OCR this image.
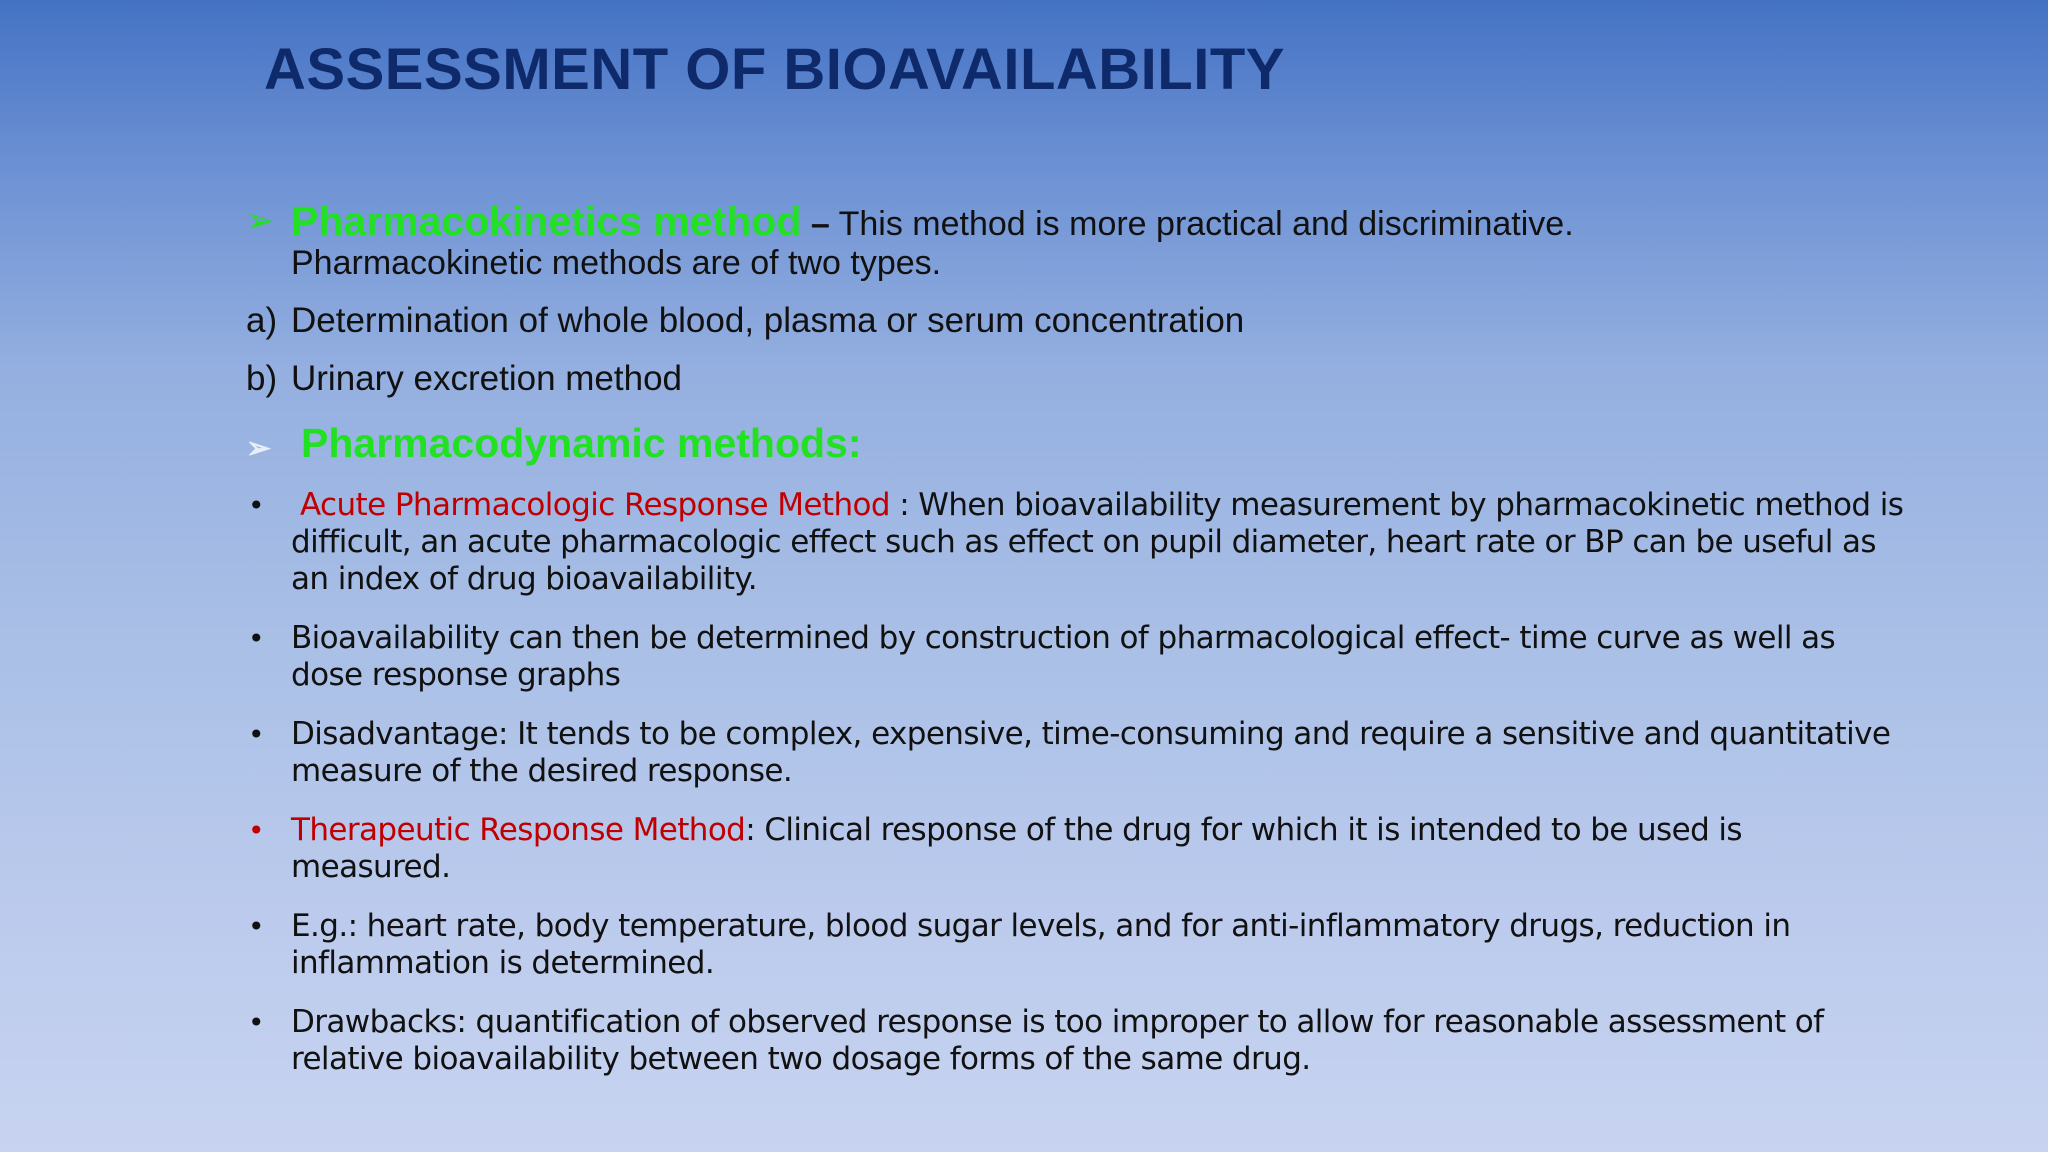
ASSESSMENT OF BIOAVAILABILITY
➢ Pharmacokinetics method – This method is more practical and discriminative.
Pharmacokinetic methods are of two types.
a) Determination of whole blood, plasma or serum concentration
b) Urinary excretion method
➢ Pharmacodynamic methods:
• Acute Pharmacologic Response Method : When bioavailability measurement by pharmacokinetic method is difficult, an acute pharmacologic effect such as effect on pupil diameter, heart rate or BP can be useful as an index of drug bioavailability.
• Bioavailability can then be determined by construction of pharmacological effect- time curve as well as dose response graphs
• Disadvantage: It tends to be complex, expensive, time-consuming and require a sensitive and quantitative measure of the desired response.
• Therapeutic Response Method: Clinical response of the drug for which it is intended to be used is measured.
• E.g.: heart rate, body temperature, blood sugar levels, and for anti-inflammatory drugs, reduction in inflammation is determined.
• Drawbacks: quantification of observed response is too improper to allow for reasonable assessment of relative bioavailability between two dosage forms of the same drug.
